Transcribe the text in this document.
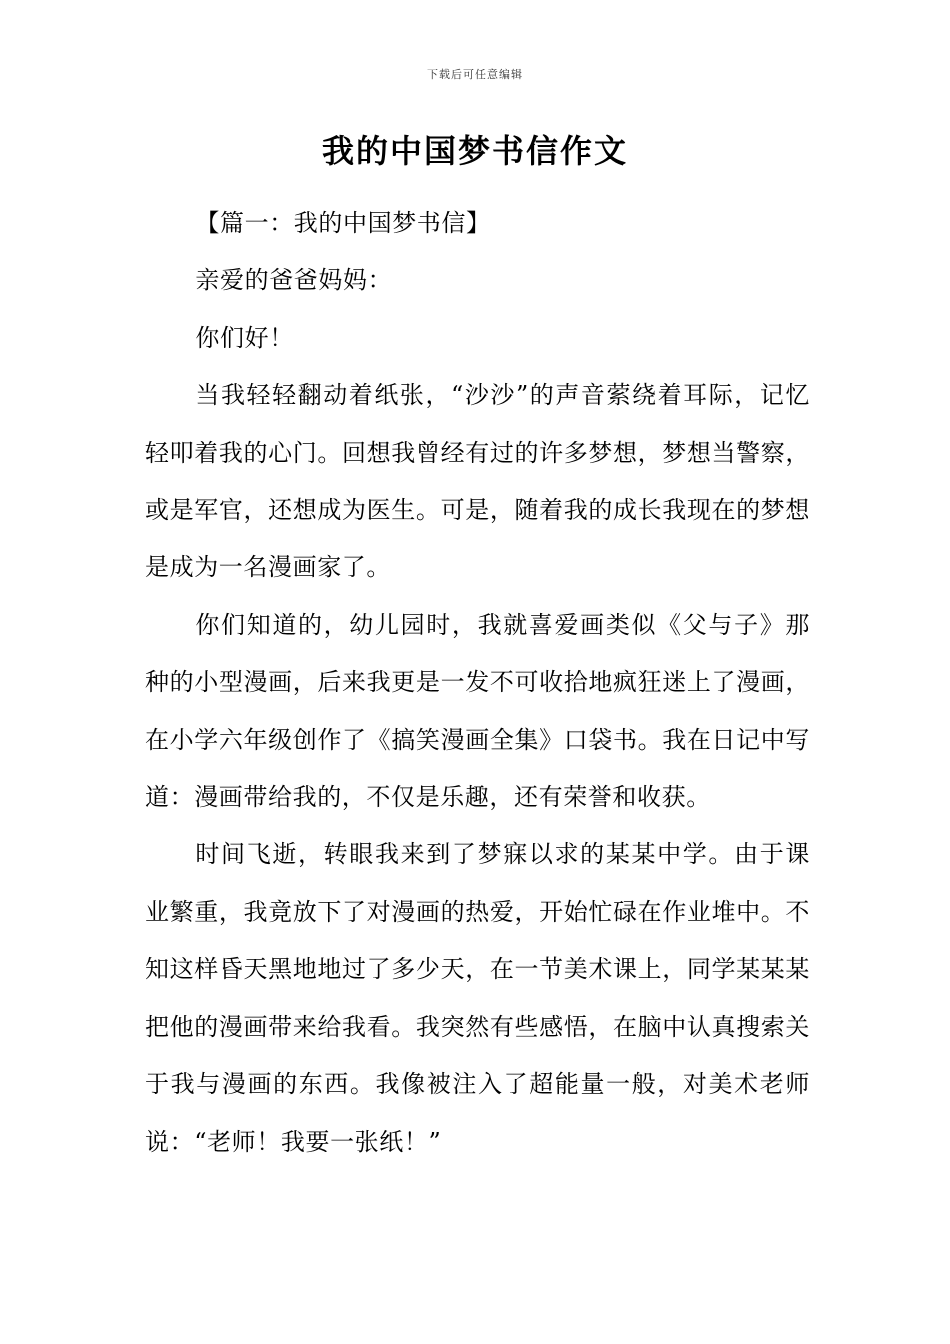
下载后可任意编辑
我的中国梦书信作文

【篇一：我的中国梦书信】

亲爱的爸爸妈妈：

你们好！

当我轻轻翻动着纸张，“沙沙”的声音萦绕着耳际，记忆轻叩着我的心门。回想我曾经有过的许多梦想，梦想当警察，或是军官，还想成为医生。可是，随着我的成长我现在的梦想是成为一名漫画家了。

你们知道的，幼儿园时，我就喜爱画类似《父与子》那种的小型漫画，后来我更是一发不可收拾地疯狂迷上了漫画，在小学六年级创作了《搞笑漫画全集》口袋书。我在日记中写道：漫画带给我的，不仅是乐趣，还有荣誉和收获。

时间飞逝，转眼我来到了梦寐以求的某某中学。由于课业繁重，我竟放下了对漫画的热爱，开始忙碌在作业堆中。不知这样昏天黑地地过了多少天，在一节美术课上，同学某某某把他的漫画带来给我看。我突然有些感悟，在脑中认真搜索关于我与漫画的东西。我像被注入了超能量一般，对美术老师说：“老师！我要一张纸！”
